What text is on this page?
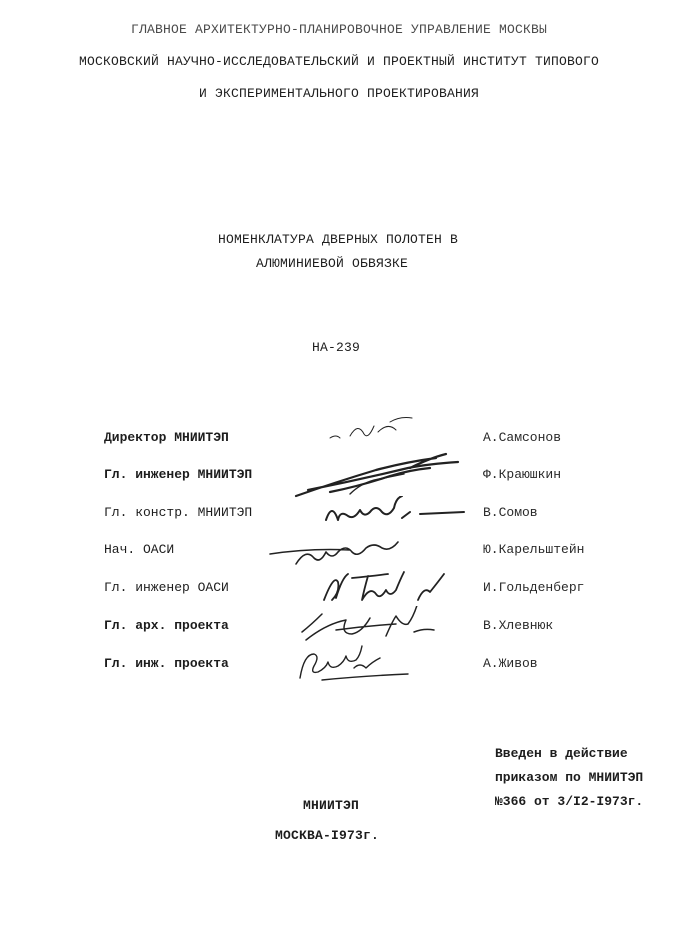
ГЛАВНОЕ АРХИТЕКТУРНО-ПЛАНИРОВОЧНОЕ УПРАВЛЕНИЕ МОСКВЫ
МОСКОВСКИЙ НАУЧНО-ИССЛЕДОВАТЕЛЬСКИЙ И ПРОЕКТНЫЙ ИНСТИТУТ ТИПОВОГО
И ЭКСПЕРИМЕНТАЛЬНОГО ПРОЕКТИРОВАНИЯ
НОМЕНКЛАТУРА ДВЕРНЫХ ПОЛОТЕН В
АЛЮМИНИЕВОЙ ОБВЯЗКЕ
НА-239
Директор МНИИТЭП	А.Самсонов
Гл. инженер МНИИТЭП	Ф.Краюшкин
Гл. констр. МНИИТЭП	В.Сомов
Нач. ОАСИ	Ю.Карельштейн
Гл. инженер ОАСИ	И.Гольденберг
Гл. арх. проекта	В.Хлевнюк
Гл. инж. проекта	А.Живов
Введен в действие
приказом по МНИИТЭП
№366 от 3/I2-I973г.
МНИИТЭП
МОСКВА-I973г.
